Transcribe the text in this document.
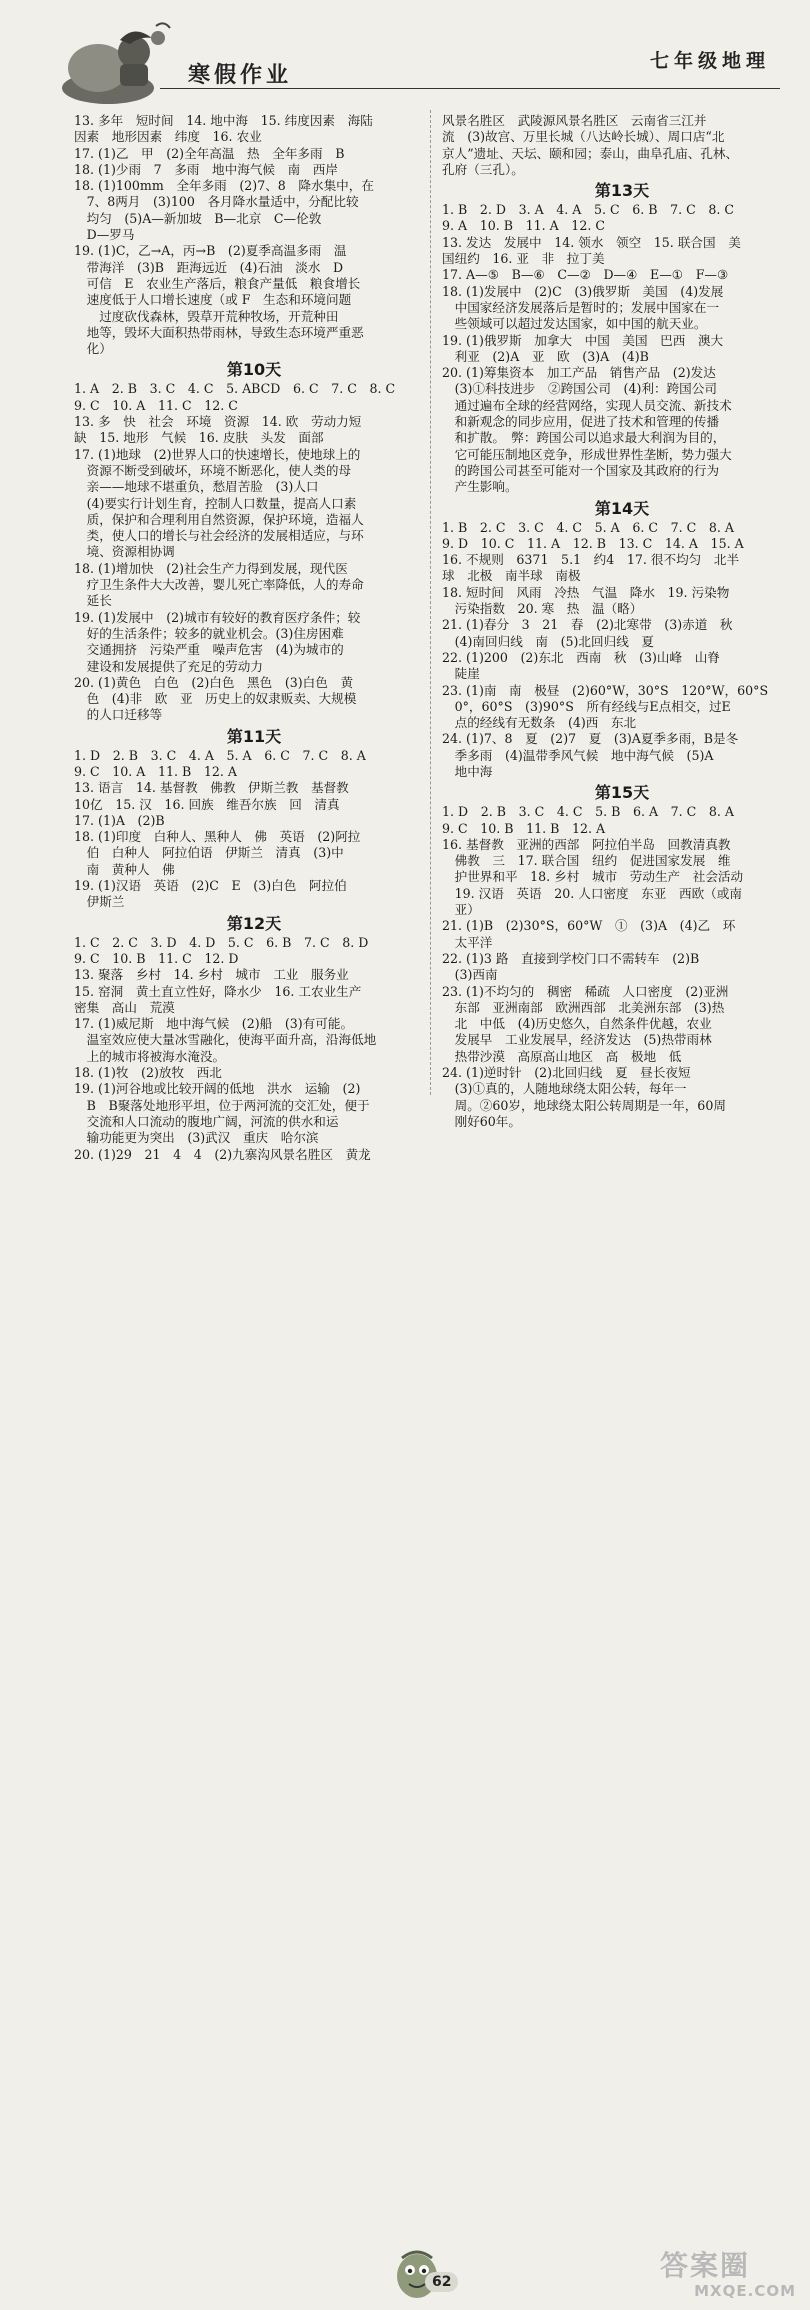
寒假作业
七年级地理
13. 多年　短时间　14. 地中海　15. 纬度因素　海陆
因素　地形因素　纬度　16. 农业
17. (1)乙　甲　(2)全年高温　热　全年多雨　B
18. (1)少雨　7　多雨　地中海气候　南　西岸
18. (1)100mm　全年多雨　(2)7、8　降水集中，在
　7、8两月　(3)100　各月降水量适中，分配比较
　均匀　(5)A—新加坡　B—北京　C—伦敦
　D—罗马
19. (1)C，乙→A，丙→B　(2)夏季高温多雨　温
　带海洋　(3)B　距海远近　(4)石油　淡水　D
　可信　E　农业生产落后，粮食产量低　粮食增长
　速度低于人口增长速度（或 F　生态和环境问题
　　过度砍伐森林，毁草开荒种牧场，开荒种田
　地等，毁坏大面积热带雨林，导致生态环境严重恶
　化）
第10天
1. A　2. B　3. C　4. C　5. ABCD　6. C　7. C　8. C
9. C　10. A　11. C　12. C
13. 多　快　社会　环境　资源　14. 欧　劳动力短
缺　15. 地形　气候　16. 皮肤　头发　面部
17. (1)地球　(2)世界人口的快速增长，使地球上的
　资源不断受到破坏，环境不断恶化，使人类的母
　亲——地球不堪重负，愁眉苦脸　(3)人口
　(4)要实行计划生育，控制人口数量，提高人口素
　质，保护和合理利用自然资源，保护环境，造福人
　类，使人口的增长与社会经济的发展相适应，与环
　境、资源相协调
18. (1)增加快　(2)社会生产力得到发展，现代医
　疗卫生条件大大改善，婴儿死亡率降低，人的寿命
　延长
19. (1)发展中　(2)城市有较好的教育医疗条件；较
　好的生活条件；较多的就业机会。(3)住房困难
　交通拥挤　污染严重　噪声危害　(4)为城市的
　建设和发展提供了充足的劳动力
20. (1)黄色　白色　(2)白色　黑色　(3)白色　黄
　色　(4)非　欧　亚　历史上的奴隶贩卖、大规模
　的人口迁移等
第11天
1. D　2. B　3. C　4. A　5. A　6. C　7. C　8. A
9. C　10. A　11. B　12. A
13. 语言　14. 基督教　佛教　伊斯兰教　基督教
10亿　15. 汉　16. 回族　维吾尔族　回　清真
17. (1)A　(2)B
18. (1)印度　白种人、黑种人　佛　英语　(2)阿拉
　伯　白种人　阿拉伯语　伊斯兰　清真　(3)中
　南　黄种人　佛
19. (1)汉语　英语　(2)C　E　(3)白色　阿拉伯
　伊斯兰
第12天
1. C　2. C　3. D　4. D　5. C　6. B　7. C　8. D
9. C　10. B　11. C　12. D
13. 聚落　乡村　14. 乡村　城市　工业　服务业
15. 窑洞　黄土直立性好，降水少　16. 工农业生产
密集　高山　荒漠
17. (1)威尼斯　地中海气候　(2)船　(3)有可能。
　温室效应使大量冰雪融化，使海平面升高，沿海低地
　上的城市将被海水淹没。
18. (1)牧　(2)放牧　西北
19. (1)河谷地或比较开阔的低地　洪水　运输　(2)
　B　B聚落处地形平坦，位于两河流的交汇处，便于
　交流和人口流动的腹地广阔，河流的供水和运
　输功能更为突出　(3)武汉　重庆　哈尔滨
20. (1)29　21　4　4　(2)九寨沟风景名胜区　黄龙
风景名胜区　武陵源风景名胜区　云南省三江并
流　(3)故宫、万里长城（八达岭长城）、周口店“北
京人”遗址、天坛、颐和园；泰山，曲阜孔庙、孔林、
孔府（三孔）。
第13天
1. B　2. D　3. A　4. A　5. C　6. B　7. C　8. C
9. A　10. B　11. A　12. C
13. 发达　发展中　14. 领水　领空　15. 联合国　美
国纽约　16. 亚　非　拉丁美
17. A—⑤　B—⑥　C—②　D—④　E—①　F—③
18. (1)发展中　(2)C　(3)俄罗斯　美国　(4)发展
　中国家经济发展落后是暂时的；发展中国家在一
　些领域可以超过发达国家，如中国的航天业。
19. (1)俄罗斯　加拿大　中国　美国　巴西　澳大
　利亚　(2)A　亚　欧　(3)A　(4)B
20. (1)筹集资本　加工产品　销售产品　(2)发达
　(3)①科技进步　②跨国公司　(4)利：跨国公司
　通过遍布全球的经营网络，实现人员交流、新技术
　和新观念的同步应用，促进了技术和管理的传播
　和扩散。　弊：跨国公司以追求最大利润为目的，
　它可能压制地区竞争，形成世界性垄断，势力强大
　的跨国公司甚至可能对一个国家及其政府的行为
　产生影响。
第14天
1. B　2. C　3. C　4. C　5. A　6. C　7. C　8. A
9. D　10. C　11. A　12. B　13. C　14. A　15. A
16. 不规则　6371　5.1　约4　17. 很不均匀　北半
球　北极　南半球　南极
18. 短时间　风雨　冷热　气温　降水　19. 污染物
　污染指数　20. 寒　热　温（略）
21. (1)春分　3　21　春　(2)北寒带　(3)赤道　秋
　(4)南回归线　南　(5)北回归线　夏
22. (1)200　(2)东北　西南　秋　(3)山峰　山脊
　陡崖
23. (1)南　南　极昼　(2)60°W，30°S　120°W，60°S
　0°，60°S　(3)90°S　所有经线与E点相交，过E
　点的经线有无数条　(4)西　东北
24. (1)7、8　夏　(2)7　夏　(3)A夏季多雨，B是冬
　季多雨　(4)温带季风气候　地中海气候　(5)A
　地中海
第15天
1. D　2. B　3. C　4. C　5. B　6. A　7. C　8. A
9. C　10. B　11. B　12. A
16. 基督教　亚洲的西部　阿拉伯半岛　回教清真教
　佛教　三　17. 联合国　纽约　促进国家发展　维
　护世界和平　18. 乡村　城市　劳动生产　社会活动
　19. 汉语　英语　20. 人口密度　东亚　西欧（或南
　亚）
21. (1)B　(2)30°S，60°W　①　(3)A　(4)乙　环
　太平洋
22. (1)3 路　直接到学校门口不需转车　(2)B
　(3)西南
23. (1)不均匀的　稠密　稀疏　人口密度　(2)亚洲
　东部　亚洲南部　欧洲西部　北美洲东部　(3)热
　北　中低　(4)历史悠久，自然条件优越，农业
　发展早　工业发展早，经济发达　(5)热带雨林
　热带沙漠　高原高山地区　高　极地　低
24. (1)逆时针　(2)北回归线　夏　昼长夜短
　(3)①真的，人随地球绕太阳公转，每年一
　周。②60岁，地球绕太阳公转周期是一年，60周
　刚好60年。
62	答案圈
MXQE.COM
